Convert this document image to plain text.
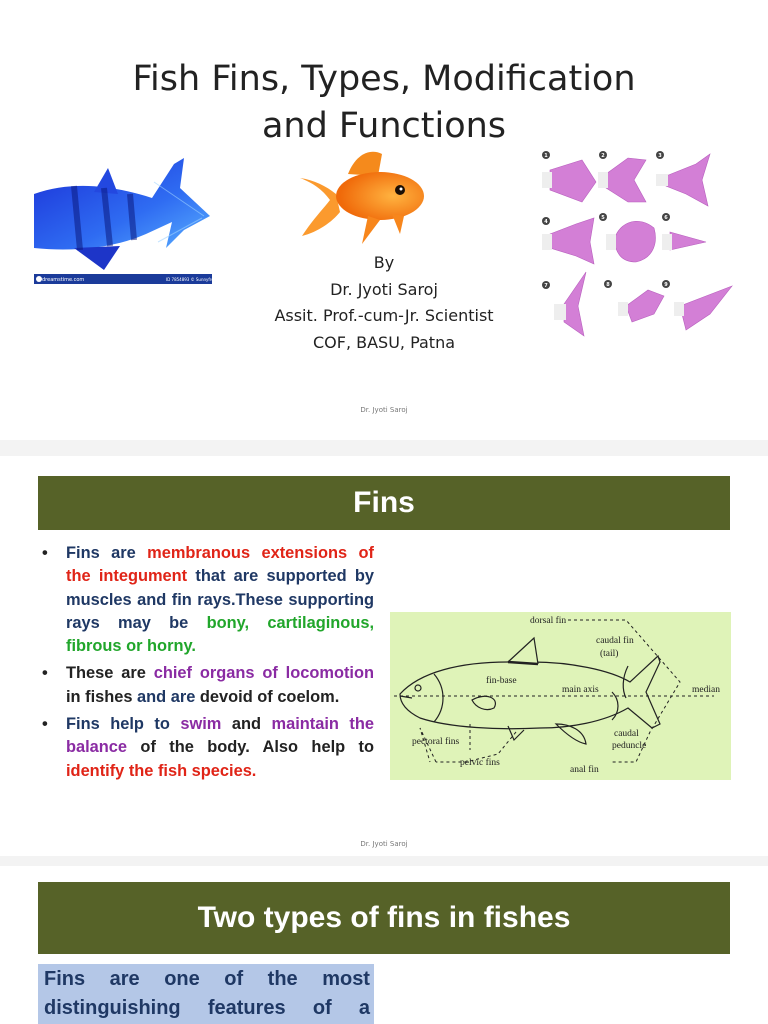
Fish Fins, Types, Modification
and Functions
dreamstime.com	ID 7854893 © Sunnyfrog
1	2	3
4
5	6
7	8	9
By
Dr. Jyoti Saroj
Assit. Prof.-cum-Jr. Scientist
COF, BASU, Patna
Dr. Jyoti Saroj
Fins
• Fins are membranous extensions of the integument that are supported by muscles and fin rays.These supporting rays may be bony, cartilaginous, fibrous or horny.
• These are chief organs of locomotion in fishes and are devoid of coelom.
• Fins help to swim and maintain the balance of the body. Also help to identify the fish species.
dorsal fin
caudal fin
(tail)
fin-base
main axis	median
caudal
peduncle
pectoral fins
pelvic fins
anal fin
Dr. Jyoti Saroj
Two types of fins in fishes
Fins are one of the most
distinguishing features of a
